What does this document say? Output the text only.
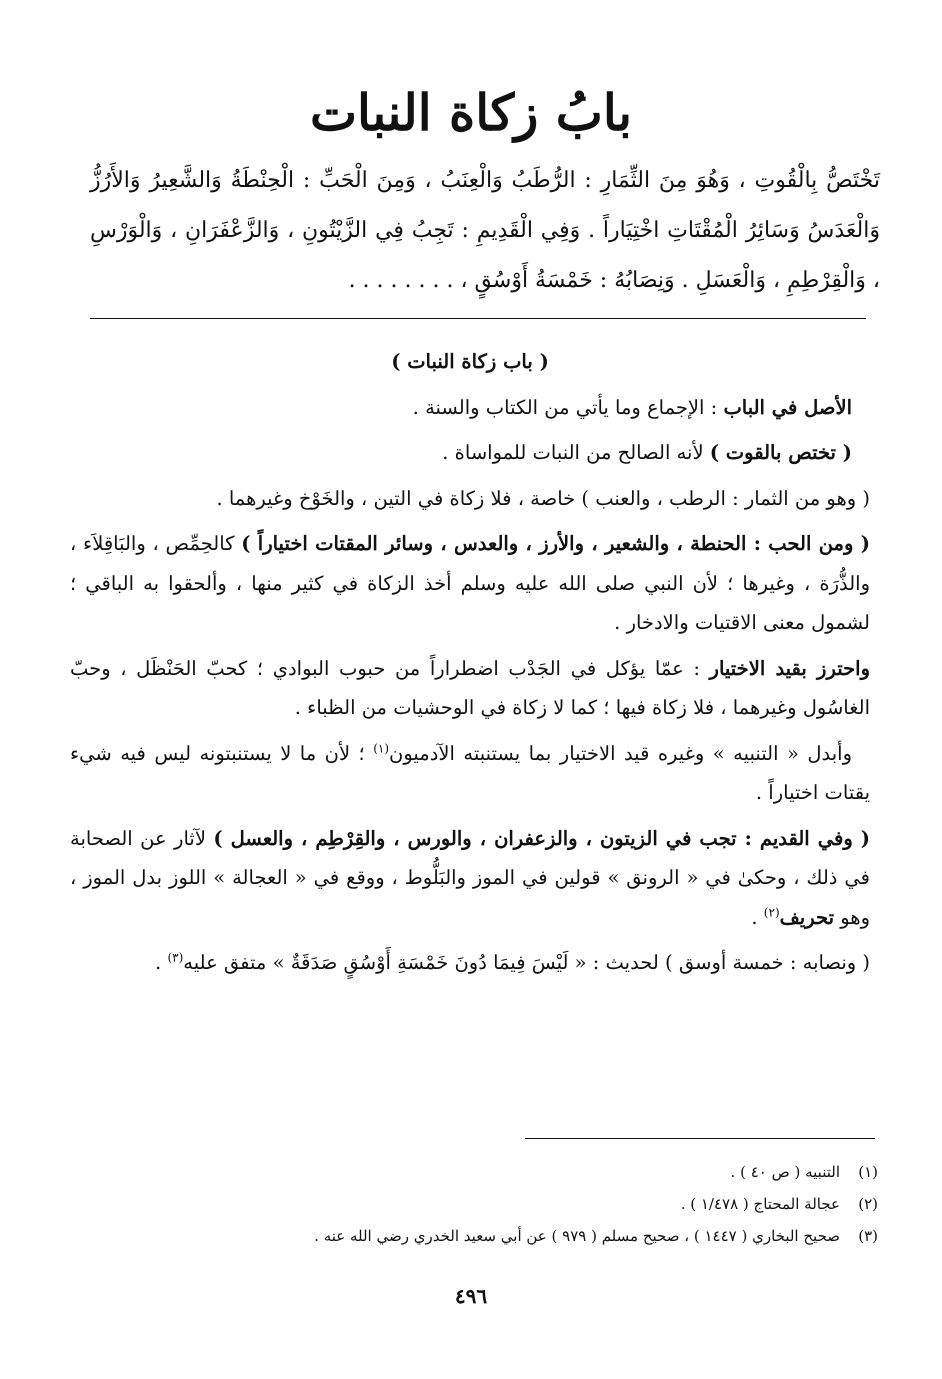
بابُ زكاة النبات
تَخْتَصُّ بِالْقُوتِ ، وَهُوَ مِنَ الثِّمَارِ : الرُّطَبُ وَالْعِنَبُ ، وَمِنَ الْحَبِّ : الْحِنْطَةُ وَالشَّعِيرُ وَالأَرُزُّ وَالْعَدَسُ وَسَائِرُ الْمُقْتَاتِ اخْتِيَاراً . وَفِي الْقَدِيمِ : تَجِبُ فِي الزَّيْتُونِ ، وَالزَّعْفَرَانِ ، وَالْوَرْسِ ، وَالْقِرْطِمِ ، وَالْعَسَلِ . وَنِصَابُهُ : خَمْسَةُ أَوْسُقٍ ، . . . . . . . .
( باب زكاة النبات )

الأصل في الباب : الإجماع وما يأتي من الكتاب والسنة .

( تختص بالقوت ) لأنه الصالح من النبات للمواساة .

( وهو من الثمار : الرطب ، والعنب ) خاصة ، فلا زكاة في التين ، والخَوْخ وغيرهما .

( ومن الحب : الحنطة ، والشعير ، والأرز ، والعدس ، وسائر المقتات اختياراً ) كالحِمِّص ، والبَاقِلاَء ، والذُّرَة ، وغيرها ؛ لأن النبي صلى الله عليه وسلم أخذ الزكاة في كثير منها ، وألحقوا به الباقي ؛ لشمول معنى الاقتيات والادخار .

واحترز بقيد الاختيار : عمّا يؤكل في الجَدْب اضطراراً من حبوب البوادي ؛ كحبّ الحَنْظَل ، وحبّ الغاسُول وغيرهما ، فلا زكاة فيها ؛ كما لا زكاة في الوحشيات من الظباء .

وأبدل « التنبيه » وغيره قيد الاختيار بما يستنبته الآدميون$^{(١)}$ ؛ لأن ما لا يستنبتونه ليس فيه شيء يقتات اختياراً .

( وفي القديم : تجب في الزيتون ، والزعفران ، والورس ، والقِرْطِم ، والعسل ) لآثار عن الصحابة في ذلك ، وحكىٰ في « الرونق » قولين في الموز والبَلُّوط ، ووقع في « العجالة » اللوز بدل الموز ، وهو تحريف$^{(٢)}$ .

( ونصابه : خمسة أوسق ) لحديث : « لَيْسَ فِيمَا دُونَ خَمْسَةِ أَوْسُقٍ صَدَقَةٌ » متفق عليه$^{(٣)}$ .

(١)التنبيه ( ص ٤٠ ) .
(٢)عجالة المحتاج ( ١/٤٧٨ ) .
(٣)صحيح البخاري ( ١٤٤٧ ) ، صحيح مسلم ( ٩٧٩ ) عن أبي سعيد الخدري رضي الله عنه .
٤٩٦
